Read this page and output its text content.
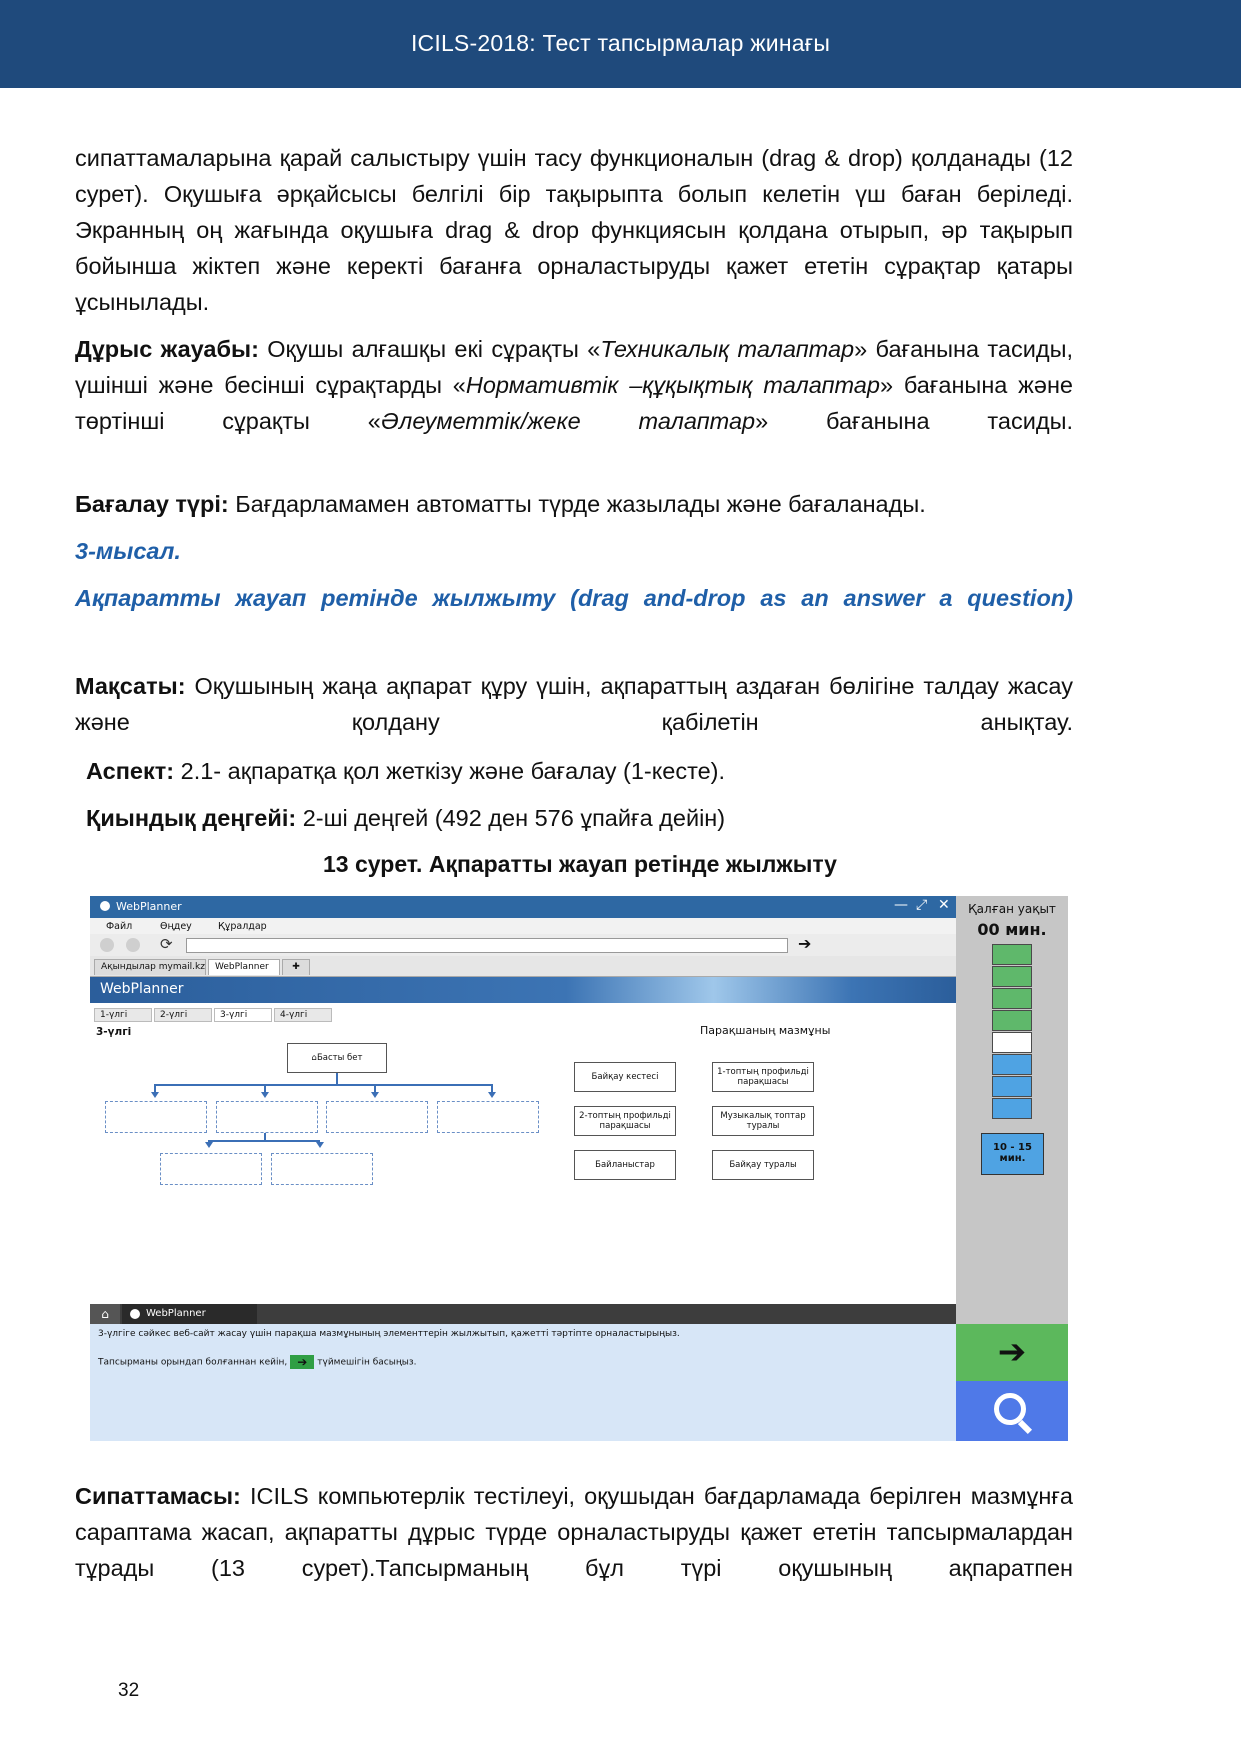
ICILS-2018: Тест тапсырмалар жинағы

сипаттамаларына қарай салыстыру үшін тасу функционалын (drag & drop) қолданады (12 сурет). Оқушыға әрқайсысы белгілі бір тақырыпта болып келетін үш баған беріледі. Экранның оң жағында оқушыға drag & drop функциясын қолдана отырып, әр тақырып бойынша жіктеп және керекті бағанға орналастыруды қажет ететін сұрақтар қатары ұсынылады.

Дұрыс жауабы: Оқушы алғашқы екі сұрақты «Техникалық талаптар» бағанына тасиды, үшінші және бесінші сұрақтарды «Нормативтік –құқықтық талаптар» бағанына және төртінші сұрақты «Әлеуметтік/жеке талаптар» бағанына тасиды.

Бағалау түрі: Бағдарламамен автоматты түрде жазылады және бағаланады.

3-мысал.

Ақпаратты жауап ретінде жылжыту (drag and-drop as an answer a question)

Мақсаты: Оқушының жаңа ақпарат құру үшін, ақпараттың аздаған бөлігіне талдау жасау және қолдану қабілетін анықтау.

Аспект: 2.1- ақпаратқа қол жеткізу және бағалау (1-кесте).

Қиындық деңгейі: 2-ші деңгей (492 ден 576 ұпайға дейін)

13 сурет. Ақпаратты жауап ретінде жылжыту
WebPlanner	— ⤢ ✕
Файл	Өңдеу	Құралдар
⟳	➔
Ақындылар mymail.kz	WebPlanner	✚
WebPlanner
1-үлгі	2-үлгі	3-үлгі	4-үлгі
3-үлгі
⌂ Басты бет
Парақшаның мазмұны
Байқау кестесі	1-топтың профильді парақшасы
2-топтың профильді парақшасы
Музыкалық топтар туралы
Байланыстар	Байқау туралы
⌂	WebPlanner
3-үлгіге сәйкес веб-сайт жасау үшін парақша мазмұнының элементтерін жылжытып, қажетті тәртіпте орналастырыңыз.
Тапсырманы орындап болғаннан кейін, ➔ түймешігін басыңыз.
Қалған уақыт
00 мин.
10 - 15 мин.
➔

Сипаттамасы: ICILS компьютерлік тестілеуі, оқушыдан бағдарламада берілген мазмұнға сараптама жасап, ақпаратты дұрыс түрде орналастыруды қажет ететін тапсырмалардан тұрады (13 сурет).Тапсырманың бұл түрі оқушының ақпаратпен

32
